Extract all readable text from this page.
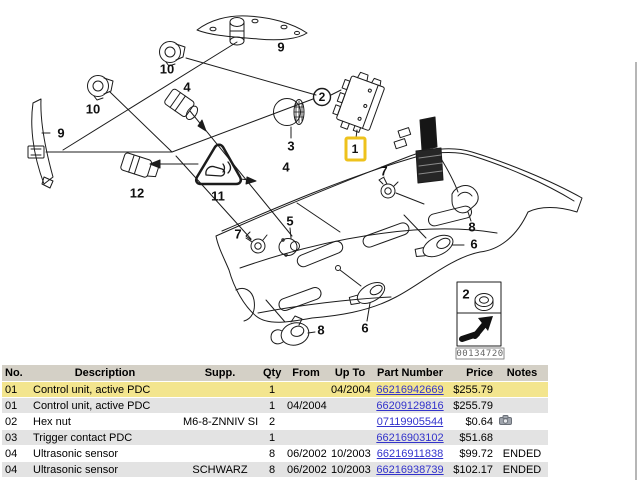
9
10
10
4
9
12	11
3
4
7
5
7
8
6
6
8
2
1
2
00134720
No.	Description	Supp.	Qty	From	Up To	Part Number	Price	Notes
01	Control unit, active PDC		1		04/2004	66216942669	$255.79	
01	Control unit, active PDC		1	04/2004		66209129816	$255.79	
02	Hex nut	M6-8-ZNNIV SI	2			07119905544	$0.64	
03	Trigger contact PDC		1			66216903102	$51.68	
04	Ultrasonic sensor		8	06/2002	10/2003	66216911838	$99.72	ENDED
04	Ultrasonic sensor	SCHWARZ	8	06/2002	10/2003	66216938739	$102.17	ENDED
